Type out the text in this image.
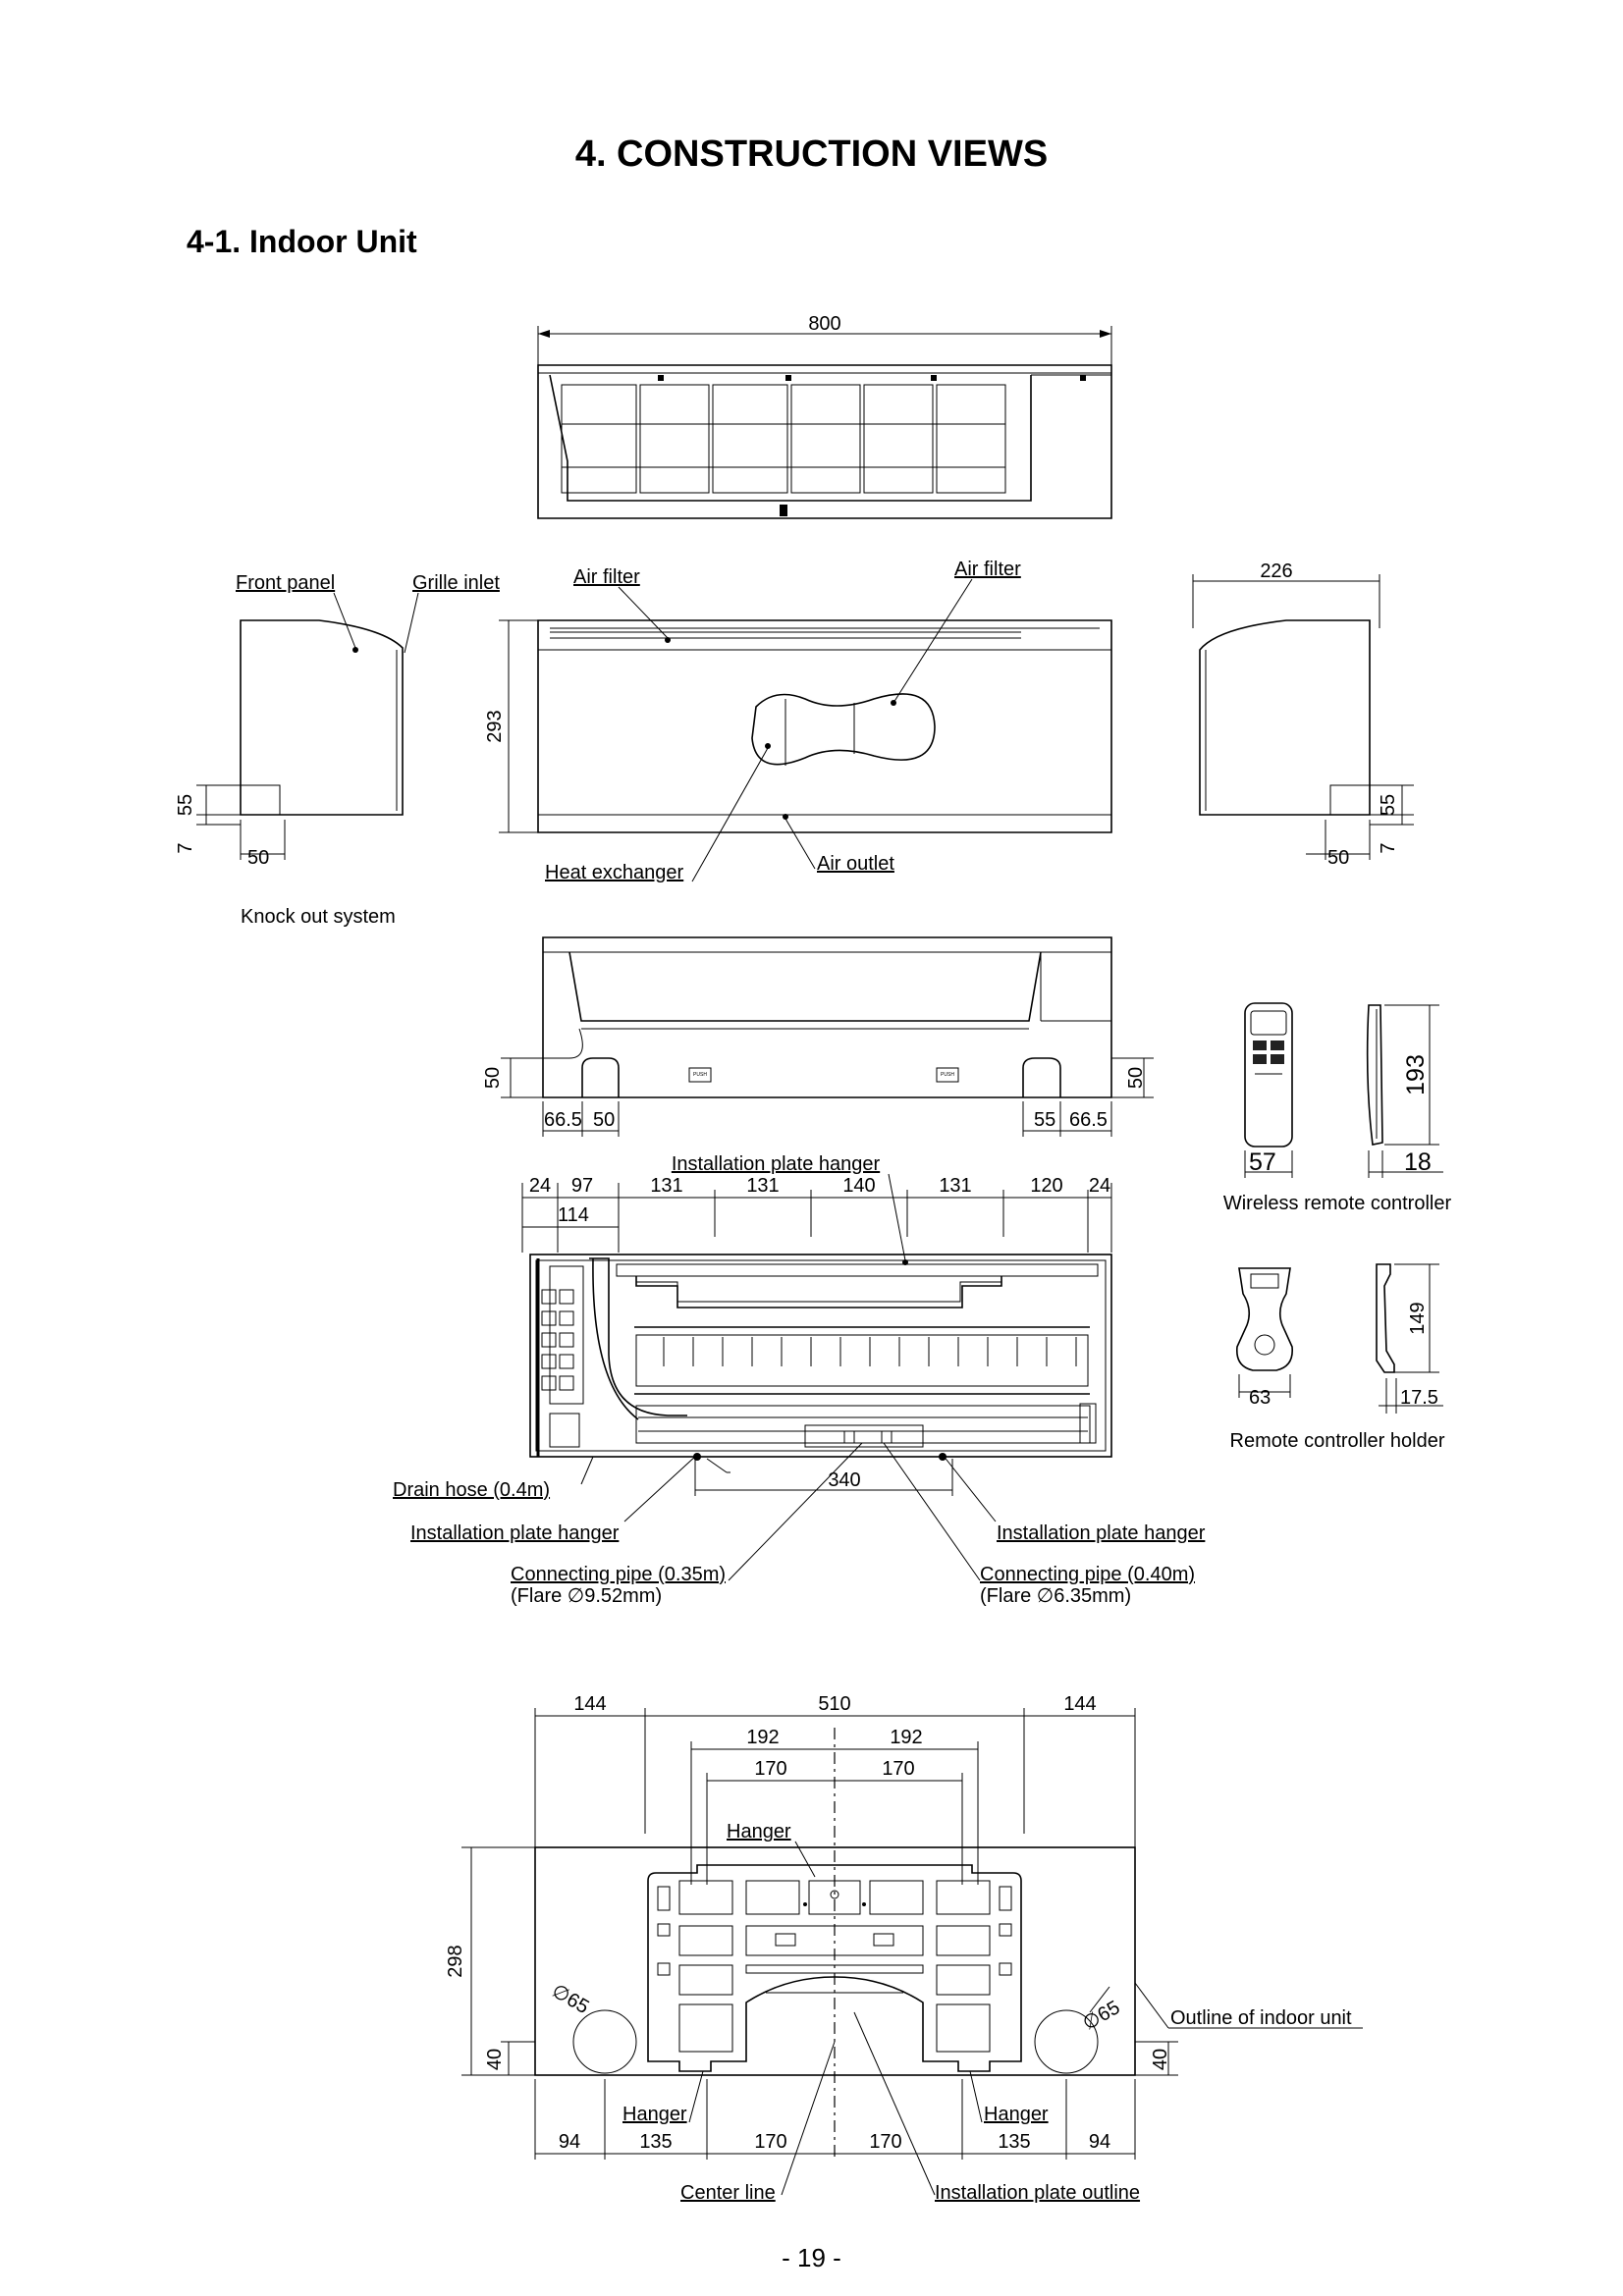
4. CONSTRUCTION VIEWS
4-1. Indoor Unit
800
Front panel	Grille inlet
55
7	50
Knock out system
Air filter	Air filter
Heat exchanger	Air outlet
293
226
55
7
50
PUSH	PUSH
50	50
66.5 50	55 66.5
57
193
18
Wireless remote controller
63
149
17.5
Remote controller holder
Installation plate hanger
24 97	131	131	140	131	120 24
114
340
Drain hose (0.4m)
Installation plate hanger	Installation plate hanger
Connecting pipe (0.35m)
(Flare ∅9.52mm)
Connecting pipe (0.40m)
(Flare ∅6.35mm)
144	510	144
192	192
170	170
Hanger
∅65	∅65 Outline of indoor unit
298
40	40
Hanger	Hanger
94	135	170	170	135	94
Center line	Installation plate outline
- 19 -
